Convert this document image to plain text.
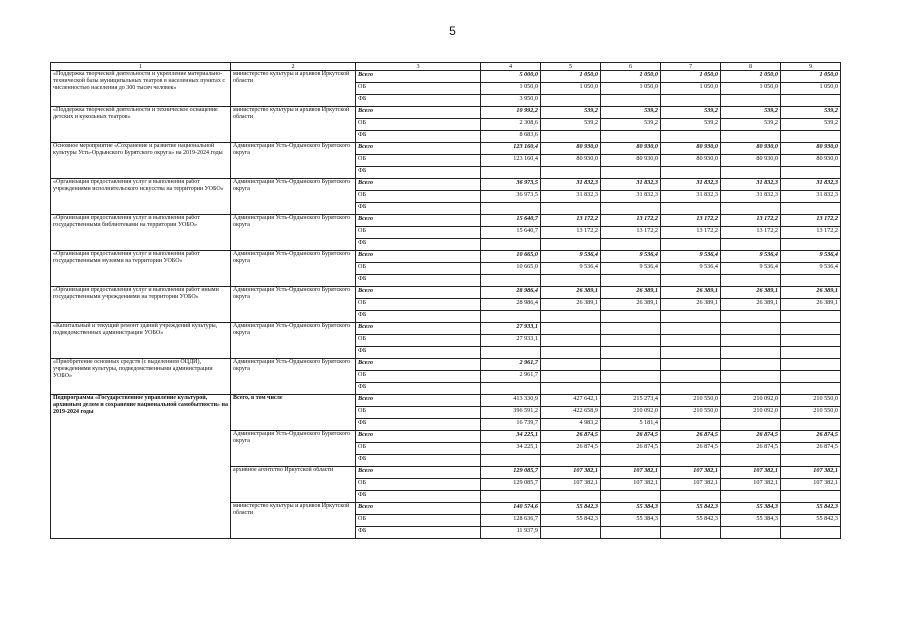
5
1	2	3	4	5	6	7	8	9
«Поддержка творческой деятельности и укрепление материально-технической базы муниципальных театров в населенных пунктах с численностью населения до 300 тысяч человек»	министерство культуры и архивов Иркутской области	Всего	5 000,0	1 050,0	1 050,0	1 050,0	1 050,0	1 050,0
		ОБ	1 050,0	1 050,0	1 050,0	1 050,0	1 050,0	1 050,0
		ФБ	3 950,0					
«Поддержка творческой деятельности и техническое оснащение детских и кукольных театров»	министерство культуры и архивов Иркутской области	Всего	10 992,2	539,2	539,2	539,2	539,2	539,2
		ОБ	2 308,6	539,2	539,2	539,2	539,2	539,2
		ФБ	8 683,6					
Основное мероприятие «Сохранение и развитие национальной культуры Усть-Ордынского Бурятского округа» на 2019-2024 годы	Администрация Усть-Ордынского Бурятского округа	Всего	123 160,4	80 930,0	80 930,0	80 930,0	80 930,0	80 930,0
		ОБ	123 160,4	80 930,0	80 930,0	80 930,0	80 930,0	80 930,0
		ФБ						
«Организация предоставления услуг и выполнения работ учреждениями исполнительского искусства на территории УОБО»	Администрация Усть-Ордынского Бурятского округа	Всего	36 973,5	31 832,3	31 832,3	31 832,3	31 832,3	31 832,3
		ОБ	36 973,5	31 832,3	31 832,3	31 832,3	31 832,3	31 832,3
		ФБ						
«Организация предоставления услуг и выполнения работ государственными библиотеками на территории УОБО»	Администрация Усть-Ордынского Бурятского округа	Всего	15 640,7	13 172,2	13 172,2	13 172,2	13 172,2	13 172,2
		ОБ	15 640,7	13 172,2	13 172,2	13 172,2	13 172,2	13 172,2
		ФБ						
«Организация предоставления услуг и выполнения работ государственными музеями на территории УОБО»	Администрация Усть-Ордынского Бурятского округа	Всего	10 665,0	9 536,4	9 536,4	9 536,4	9 536,4	9 536,4
		ОБ	10 665,0	9 536,4	9 536,4	9 536,4	9 536,4	9 536,4
		ФБ						
«Организация предоставления услуг и выполнения работ иными государственными учреждениями на территории УОБО»	Администрация Усть-Ордынского Бурятского округа	Всего	28 986,4	26 389,1	26 389,1	26 389,1	26 389,1	26 389,1
		ОБ	28 986,4	26 389,1	26 389,1	26 389,1	26 389,1	26 389,1
		ФБ						
«Капитальный и текущий ремонт зданий учреждений культуры, подведомственных администрации УОБО»	Администрация Усть-Ордынского Бурятского округа	Всего	27 933,1					
		ОБ	27 933,1					
		ФБ						
«Приобретение основных средств (с выделением ОЦДИ), учреждениями культуры, подведомственными администрации УОБО»	Администрация Усть-Ордынского Бурятского округа	Всего	2 961,7					
		ОБ	2 961,7					
		ФБ						
Подпрограмма «Государственное управление культурой, архивным делом и сохранение национальной самобытности» на 2019-2024 годы	Всего, в том числе	Всего	413 330,9	427 642,1	215 273,4	210 550,0	210 092,0	210 550,0
		ОБ	396 591,2	422 658,9	210 092,0	210 550,0	210 092,0	210 550,0
		ФБ	16 739,7	4 983,2	5 181,4			
	Администрация Усть-Ордынского Бурятского округа	Всего	34 225,1	26 874,5	26 874,5	26 874,5	26 874,5	26 874,5
		ОБ	34 225,1	26 874,5	26 874,5	26 874,5	26 874,5	26 874,5
		ФБ						
	архивное агентство Иркутской области	Всего	129 085,7	107 382,1	107 382,1	107 382,1	107 382,1	107 382,1
		ОБ	129 085,7	107 382,1	107 382,1	107 382,1	107 382,1	107 382,1
		ФБ						
	министерство культуры и архивов Иркутской области	Всего	140 574,6	55 842,3	55 384,3	55 842,3	55 384,3	55 842,3
		ОБ	128 636,7	55 842,3	55 384,3	55 842,3	55 384,3	55 842,3
		ФБ	11 937,9					
